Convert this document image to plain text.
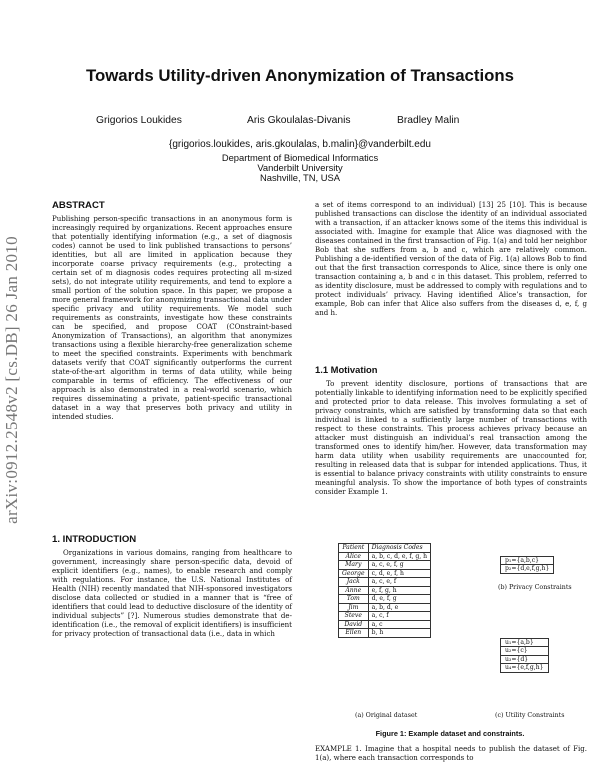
arXiv:0912.2548v2 [cs.DB] 26 Jan 2010
Towards Utility-driven Anonymization of Transactions
Grigorios Loukides	Aris Gkoulalas-Divanis	Bradley Malin
{grigorios.loukides, aris.gkoulalas, b.malin}@vanderbilt.edu
Department of Biomedical Informatics
Vanderbilt University
Nashville, TN, USA
ABSTRACT

Publishing person-specific transactions in an anonymous form is increasingly required by organizations. Recent approaches ensure that potentially identifying information (e.g., a set of diagnosis codes) cannot be used to link published transactions to persons’ identities, but all are limited in application because they incorporate coarse privacy requirements (e.g., protecting a certain set of m diagnosis codes requires protecting all m-sized sets), do not integrate utility requirements, and tend to explore a small portion of the solution space. In this paper, we propose a more general framework for anonymizing transactional data under specific privacy and utility requirements. We model such requirements as constraints, investigate how these constraints can be specified, and propose COAT (COnstraint-based Anonymization of Transactions), an algorithm that anonymizes transactions using a flexible hierarchy-free generalization scheme to meet the specified constraints. Experiments with benchmark datasets verify that COAT significantly outperforms the current state-of-the-art algorithm in terms of data utility, while being comparable in terms of efficiency. The effectiveness of our approach is also demonstrated in a real-world scenario, which requires disseminating a private, patient-specific transactional dataset in a way that preserves both privacy and utility in intended studies.

1. INTRODUCTION

Organizations in various domains, ranging from healthcare to government, increasingly share person-specific data, devoid of explicit identifiers (e.g., names), to enable research and comply with regulations. For instance, the U.S. National Institutes of Health (NIH) recently mandated that NIH-sponsored investigators disclose data collected or studied in a manner that is “free of identifiers that could lead to deductive disclosure of the identity of individual subjects” [?]. Numerous studies demonstrate that de-identification (i.e., the removal of explicit identifiers) is insufficient for privacy protection of transactional data (i.e., data in which

a set of items correspond to an individual) [13] 25 [10]. This is because published transactions can disclose the identity of an individual associated with a transaction, if an attacker knows some of the items this individual is associated with. Imagine for example that Alice was diagnosed with the diseases contained in the first transaction of Fig. 1(a) and told her neighbor Bob that she suffers from a, b and c, which are relatively common. Publishing a de-identified version of the data of Fig. 1(a) allows Bob to find out that the first transaction corresponds to Alice, since there is only one transaction containing a, b and c in this dataset. This problem, referred to as identity disclosure, must be addressed to comply with regulations and to protect individuals’ privacy. Having identified Alice’s transaction, for example, Bob can infer that Alice also suffers from the diseases d, e, f, g and h.

1.1 Motivation

To prevent identity disclosure, portions of transactions that are potentially linkable to identifying information need to be explicitly specified and protected prior to data release. This involves formulating a set of privacy constraints, which are satisfied by transforming data so that each individual is linked to a sufficiently large number of transactions with respect to these constraints. This process achieves privacy because an attacker must distinguish an individual’s real transaction among the transformed ones to identify him/her. However, data transformation may harm data utility when usability requirements are unaccounted for, resulting in released data that is subpar for intended applications. Thus, it is essential to balance privacy constraints with utility constraints to ensure meaningful analysis. To show the importance of both types of constraints consider Example 1.

Patient	Diagnosis Codes
Alice	a, b, c, d, e, f, g, h
Mary	a, c, e, f, g
George	c, d, e, f, h
Jack	a, c, e, f
Anne	e, f, g, h
Tom	d, e, f, g
Jim	a, b, d, e
Steve	a, c, f
David	a, c
Ellen	b, h
p₁={a,b,c}
p₂={d,e,f,g,h}
(b) Privacy Constraints
u₁={a,b}
u₂={c}
u₃={d}
u₄={e,f,g,h}
(a) Original dataset	(c) Utility Constraints
Figure 1: Example dataset and constraints.
EXAMPLE 1. Imagine that a hospital needs to publish the dataset of Fig. 1(a), where each transaction corresponds to
